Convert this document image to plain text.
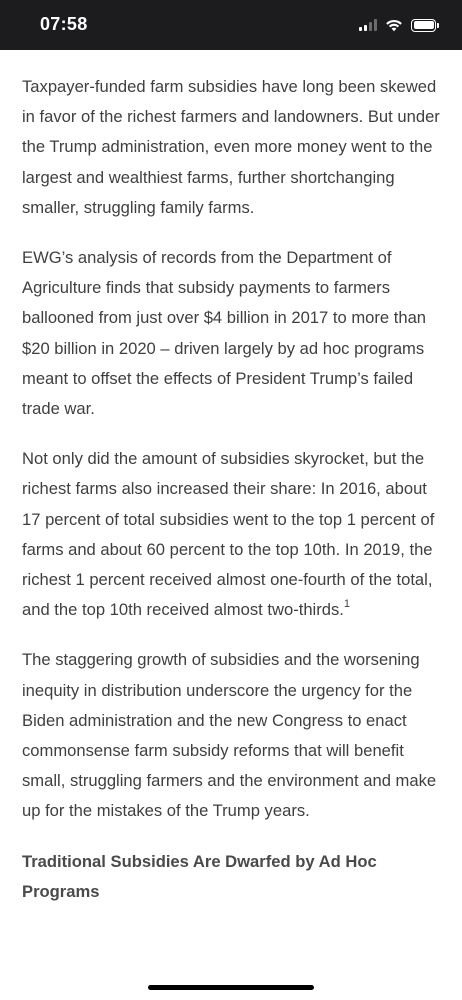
07:58

Taxpayer-funded farm subsidies have long been skewed in favor of the richest farmers and landowners. But under the Trump administration, even more money went to the largest and wealthiest farms, further shortchanging smaller, struggling family farms.

EWG’s analysis of records from the Department of Agriculture finds that subsidy payments to farmers ballooned from just over $4 billion in 2017 to more than $20 billion in 2020 – driven largely by ad hoc programs meant to offset the effects of President Trump’s failed trade war.

Not only did the amount of subsidies skyrocket, but the richest farms also increased their share: In 2016, about 17 percent of total subsidies went to the top 1 percent of farms and about 60 percent to the top 10th. In 2019, the richest 1 percent received almost one-fourth of the total, and the top 10th received almost two-thirds.$^1$

The staggering growth of subsidies and the worsening inequity in distribution underscore the urgency for the Biden administration and the new Congress to enact commonsense farm subsidy reforms that will benefit small, struggling farmers and the environment and make up for the mistakes of the Trump years.

Traditional Subsidies Are Dwarfed by Ad Hoc Programs
